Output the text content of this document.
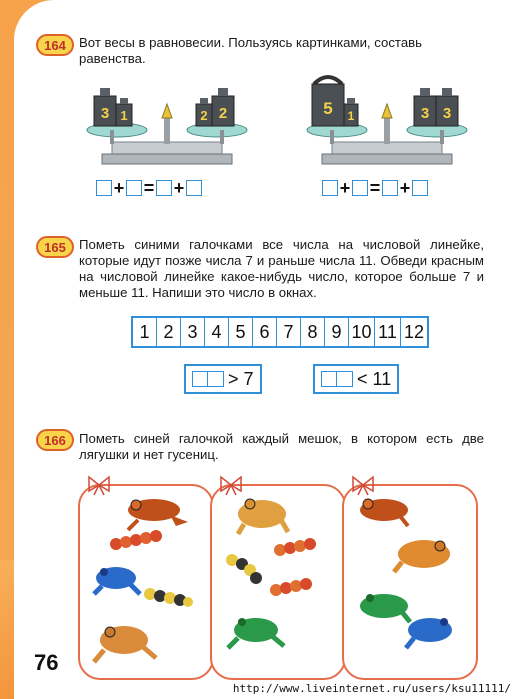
164 Вот весы в равновесии. Пользуясь картинками, составь равенства.
3 1	2 2	5 1	3 3
+ = +	+ = +
165 Пометь синими галочками все числа на числовой линейке, которые идут позже числа 7 и раньше числа 11. Обведи красным на числовой линейке какое-нибудь число, которое больше 7 и меньше 11. Напиши это число в окнах.
1 2 3 4 5 6 7 8 9 10 11 12
> 7	< 11
166 Пометь синей галочкой каждый мешок, в котором есть две лягушки и нет гусениц.
76
http://www.liveinternet.ru/users/ksu11111/
